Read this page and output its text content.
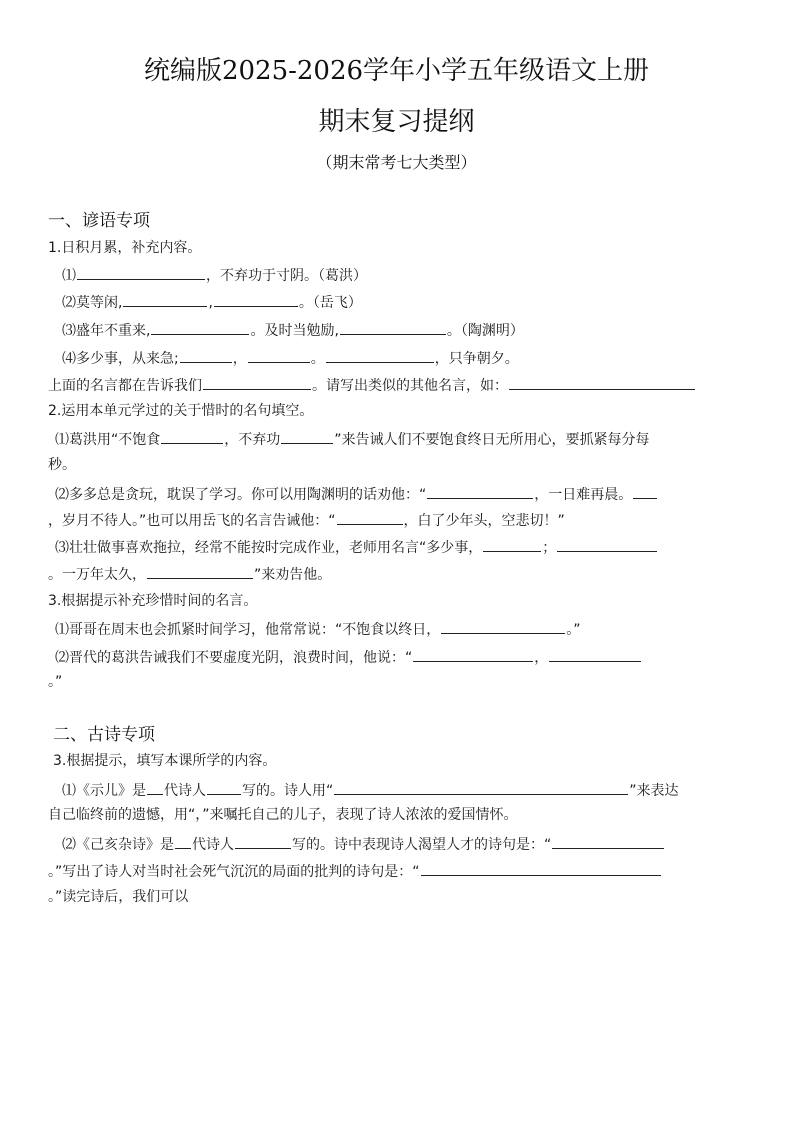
统编版2025-2026学年小学五年级语文上册
期末复习提纲
（期末常考七大类型）
一、谚语专项
1.日积月累，补充内容。
⑴	，不弃功于寸阴。（葛洪）
⑵莫等闲,	,	。（岳飞）
⑶盛年不重来,	。及时当勉励,	。（陶渊明）
⑷多少事，从来急;	，	。	，只争朝夕。
上面的名言都在告诉我们	。请写出类似的其他名言，如：
2.运用本单元学过的关于惜时的名句填空。
⑴葛洪用“不饱食	，不弃功	”来告诫人们不要饱食终日无所用心，要抓紧每分每
秒。
⑵多多总是贪玩，耽误了学习。你可以用陶渊明的话劝他：“	，一日难再晨。
，岁月不待人。”也可以用岳飞的名言告诫他：“	，白了少年头，空悲切！”
⑶壮壮做事喜欢拖拉，经常不能按时完成作业，老师用名言“多少事，	；
。一万年太久，	”来劝告他。
3.根据提示补充珍惜时间的名言。
⑴哥哥在周末也会抓紧时间学习，他常常说：“不饱食以终日，	。”
⑵晋代的葛洪告诫我们不要虚度光阴，浪费时间，他说：“	，
。”
二、古诗专项
3.根据提示，填写本课所学的内容。
⑴《示儿》是 代诗人	写的。诗人用“	”来表达
自己临终前的遗憾，用“，”来嘱托自己的儿子，表现了诗人浓浓的爱国情怀。
⑵《己亥杂诗》是 代诗人	写的。诗中表现诗人渴望人才的诗句是：“
。”写出了诗人对当时社会死气沉沉的局面的批判的诗句是：“
。”读完诗后，我们可以
